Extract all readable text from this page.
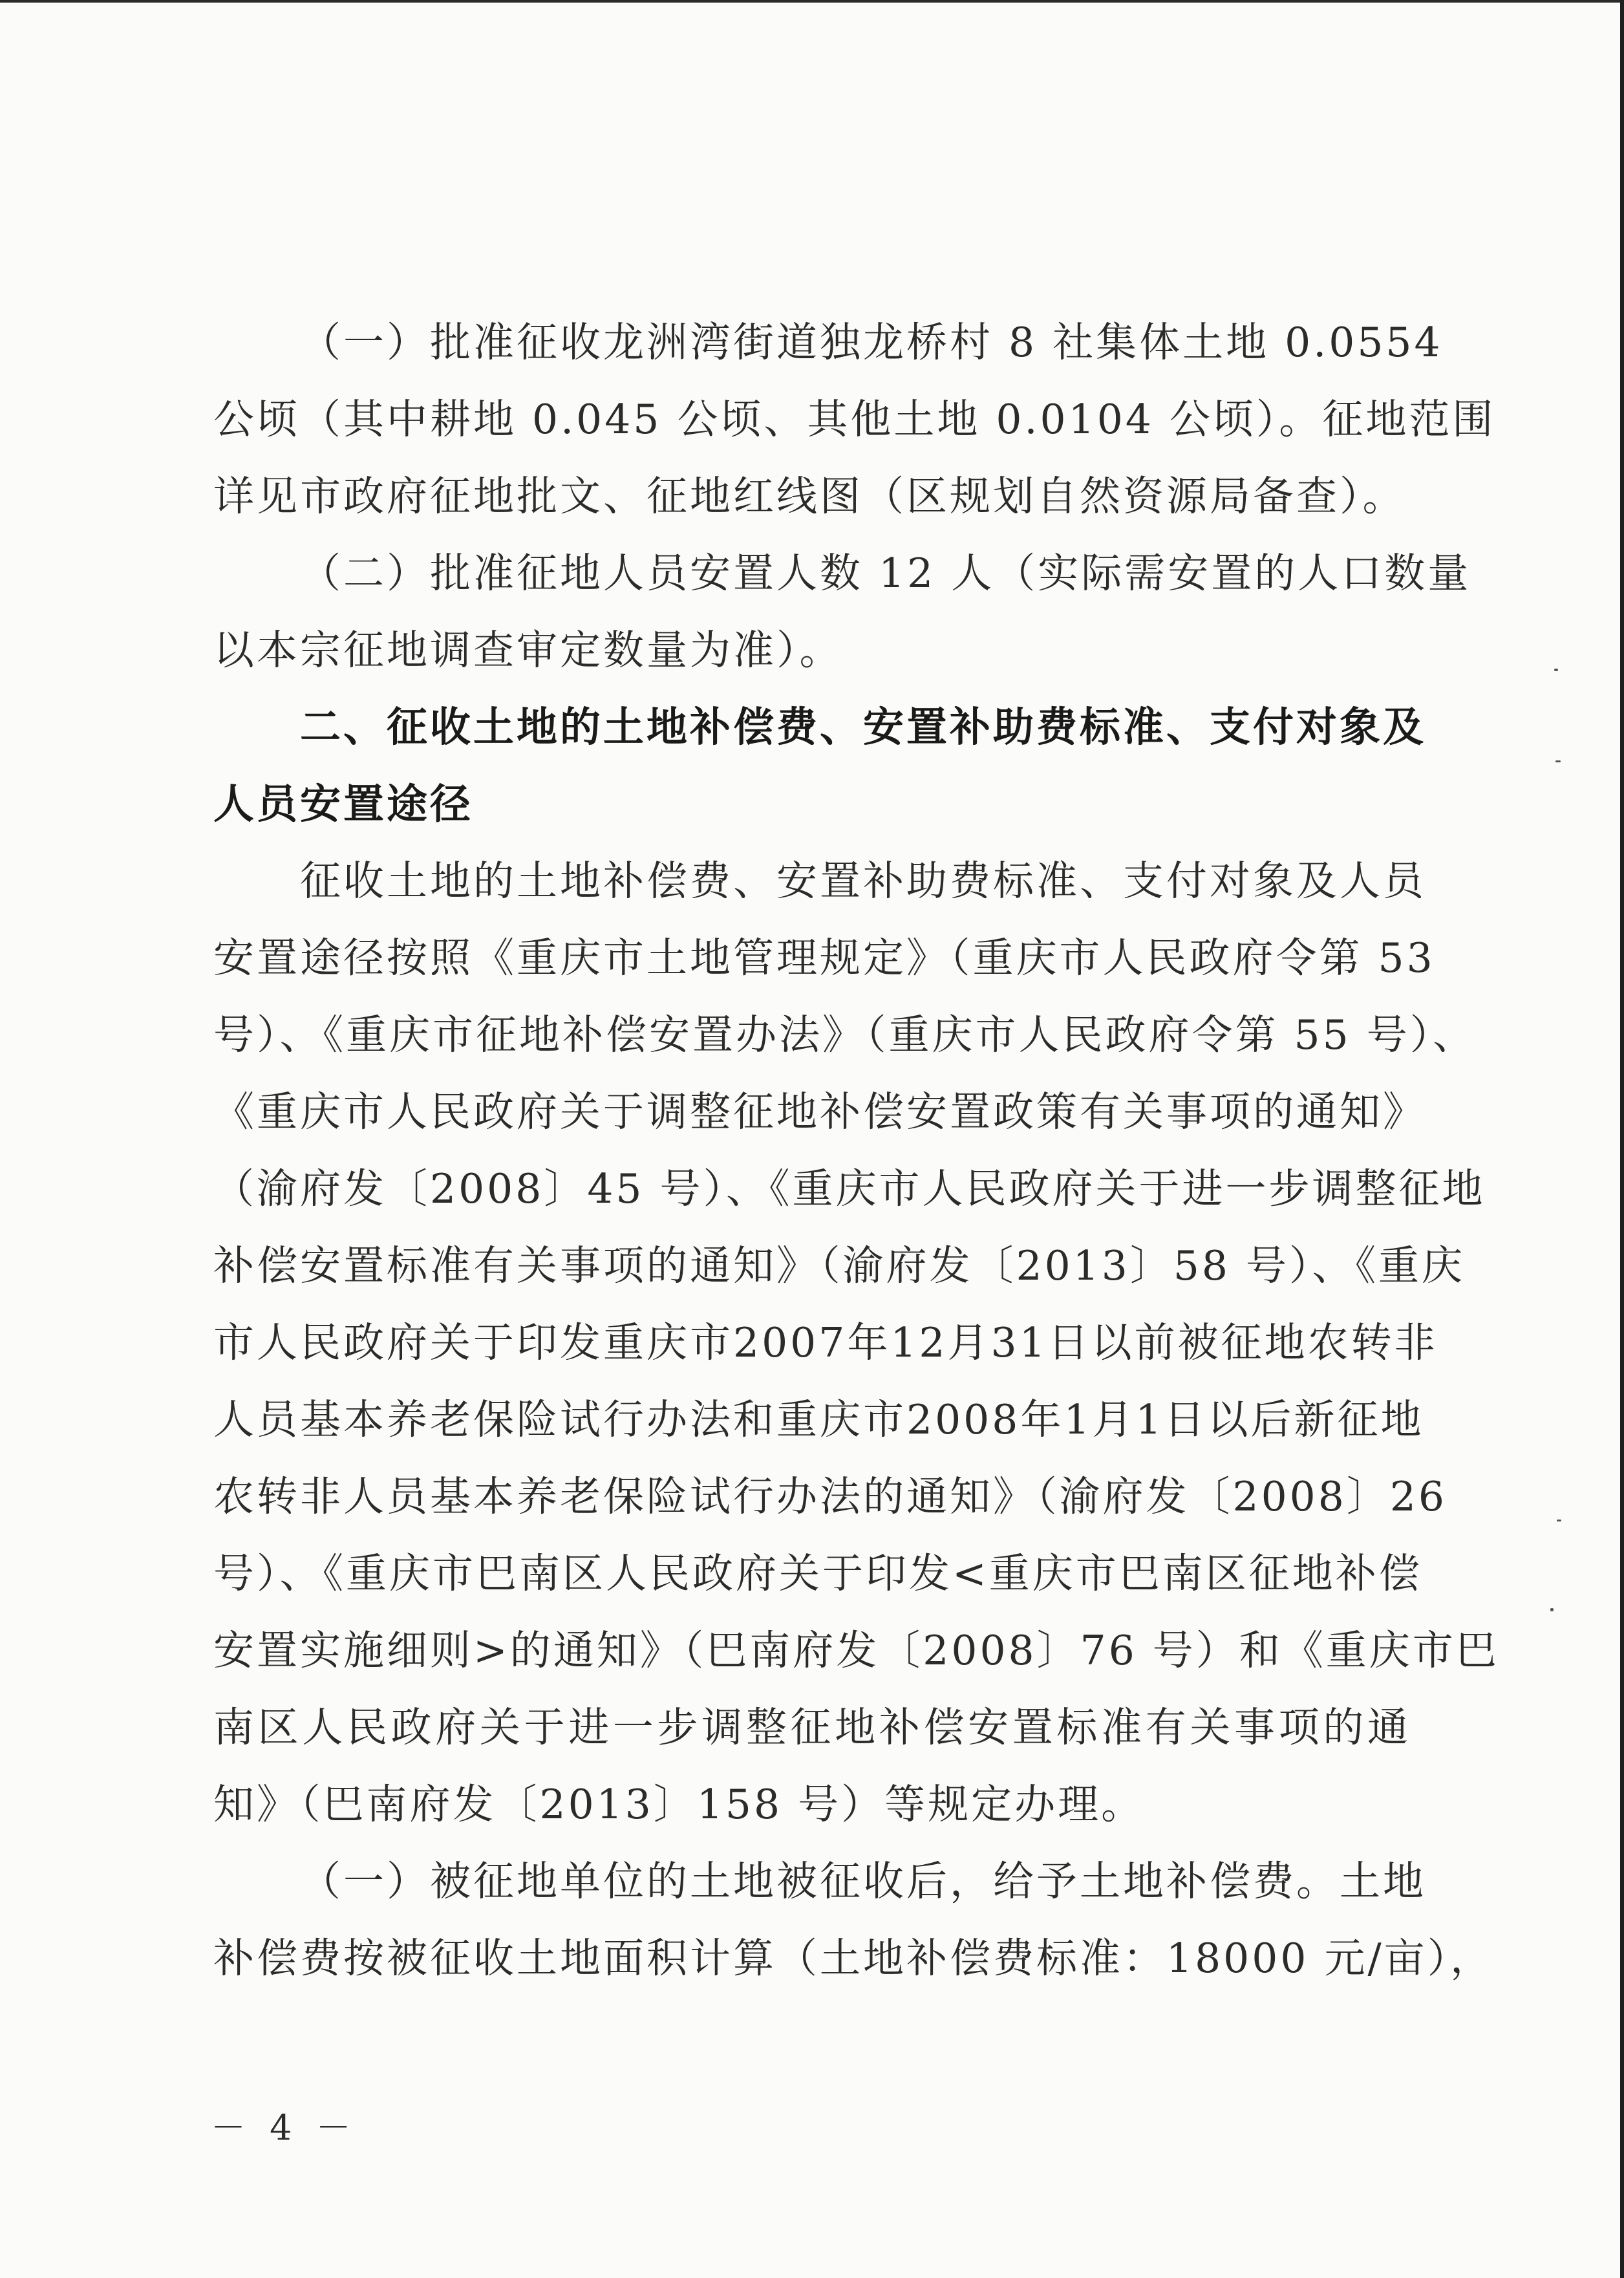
（一）批准征收龙洲湾街道独龙桥村 8 社集体土地 0.0554
公顷（其中耕地 0.045 公顷、其他土地 0.0104 公顷）。征地范围
详见市政府征地批文、征地红线图（区规划自然资源局备查）。
（二）批准征地人员安置人数 12 人（实际需安置的人口数量
以本宗征地调查审定数量为准）。
二、征收土地的土地补偿费、安置补助费标准、支付对象及
人员安置途径
征收土地的土地补偿费、安置补助费标准、支付对象及人员
安置途径按照《重庆市土地管理规定》（重庆市人民政府令第 53
号）、《重庆市征地补偿安置办法》（重庆市人民政府令第 55 号）、
《重庆市人民政府关于调整征地补偿安置政策有关事项的通知》
（渝府发〔2008〕45 号）、《重庆市人民政府关于进一步调整征地
补偿安置标准有关事项的通知》（渝府发〔2013〕58 号）、《重庆
市人民政府关于印发重庆市2007年12月31日以前被征地农转非
人员基本养老保险试行办法和重庆市2008年1月1日以后新征地
农转非人员基本养老保险试行办法的通知》（渝府发〔2008〕26
号）、《重庆市巴南区人民政府关于印发<重庆市巴南区征地补偿
安置实施细则>的通知》（巴南府发〔2008〕76 号）和《重庆市巴
南区人民政府关于进一步调整征地补偿安置标准有关事项的通
知》（巴南府发〔2013〕158 号）等规定办理。
（一）被征地单位的土地被征收后，给予土地补偿费。土地
补偿费按被征收土地面积计算（土地补偿费标准：18000 元/亩），
－ 4 －
